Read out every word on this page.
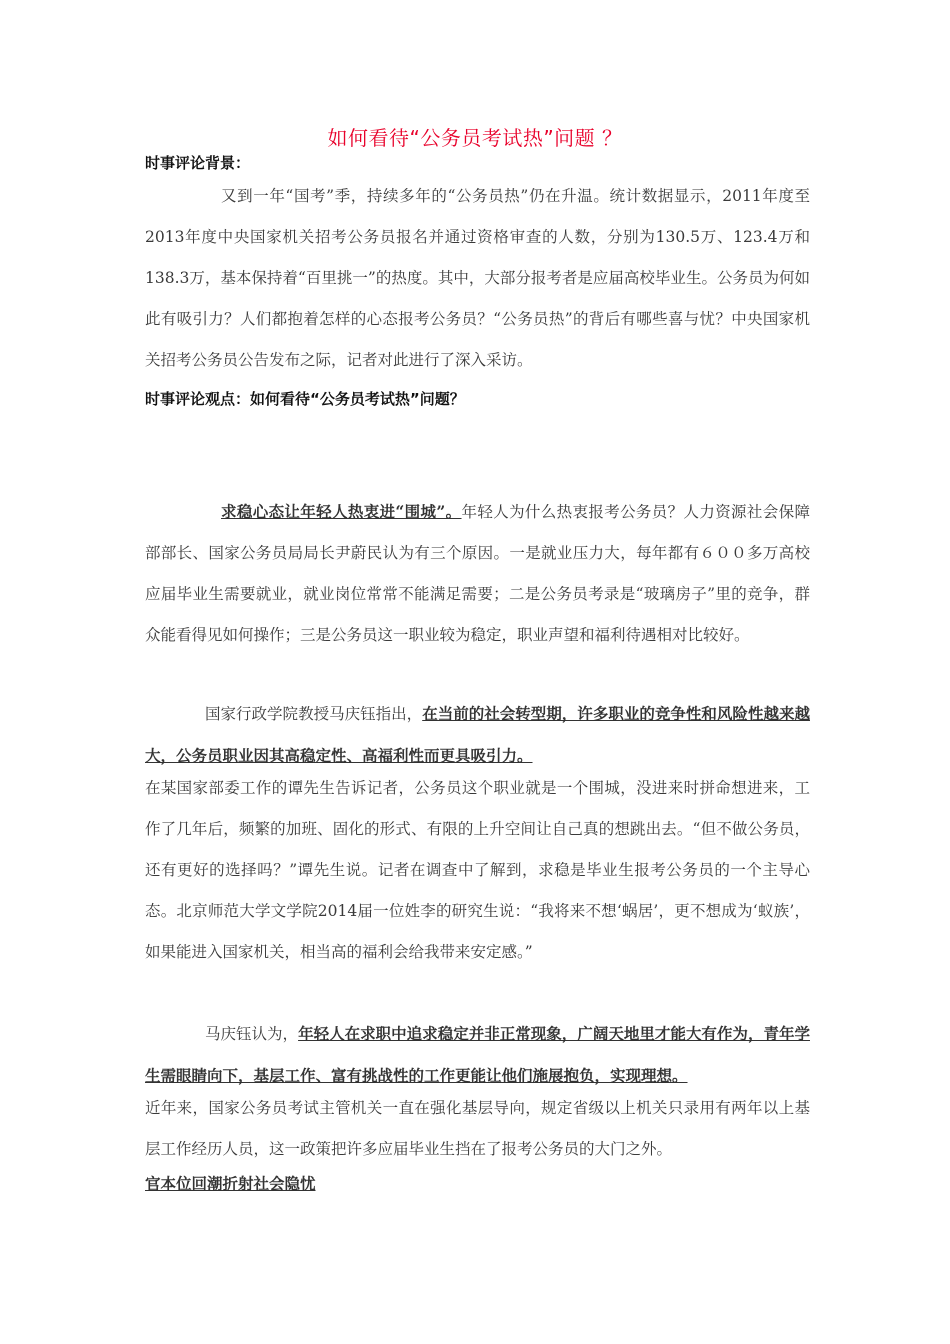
如何看待“公务员考试热”问题 ？
时事评论背景：
又到一年“国考”季，持续多年的“公务员热”仍在升温。统计数据显示，2011年度至2013年度中央国家机关招考公务员报名并通过资格审查的人数，分别为130.5万、123.4万和138.3万，基本保持着“百里挑一”的热度。其中，大部分报考者是应届高校毕业生。公务员为何如此有吸引力？人们都抱着怎样的心态报考公务员？“公务员热”的背后有哪些喜与忧？中央国家机关招考公务员公告发布之际，记者对此进行了深入采访。
时事评论观点：如何看待“公务员考试热”问题？
求稳心态让年轻人热衷进“围城”。年轻人为什么热衷报考公务员？人力资源社会保障部部长、国家公务员局局长尹蔚民认为有三个原因。一是就业压力大，每年都有６００多万高校应届毕业生需要就业，就业岗位常常不能满足需要；二是公务员考录是“玻璃房子”里的竞争，群众能看得见如何操作；三是公务员这一职业较为稳定，职业声望和福利待遇相对比较好。
国家行政学院教授马庆钰指出，在当前的社会转型期，许多职业的竞争性和风险性越来越大，公务员职业因其高稳定性、高福利性而更具吸引力。
在某国家部委工作的谭先生告诉记者，公务员这个职业就是一个围城，没进来时拼命想进来，工作了几年后，频繁的加班、固化的形式、有限的上升空间让自己真的想跳出去。“但不做公务员，还有更好的选择吗？”谭先生说。记者在调查中了解到，求稳是毕业生报考公务员的一个主导心态。北京师范大学文学院2014届一位姓李的研究生说：“我将来不想‘蜗居’，更不想成为‘蚁族’，如果能进入国家机关，相当高的福利会给我带来安定感。”
马庆钰认为，年轻人在求职中追求稳定并非正常现象，广阔天地里才能大有作为，青年学生需眼睛向下，基层工作、富有挑战性的工作更能让他们施展抱负，实现理想。
近年来，国家公务员考试主管机关一直在强化基层导向，规定省级以上机关只录用有两年以上基层工作经历人员，这一政策把许多应届毕业生挡在了报考公务员的大门之外。
官本位回潮折射社会隐忧
